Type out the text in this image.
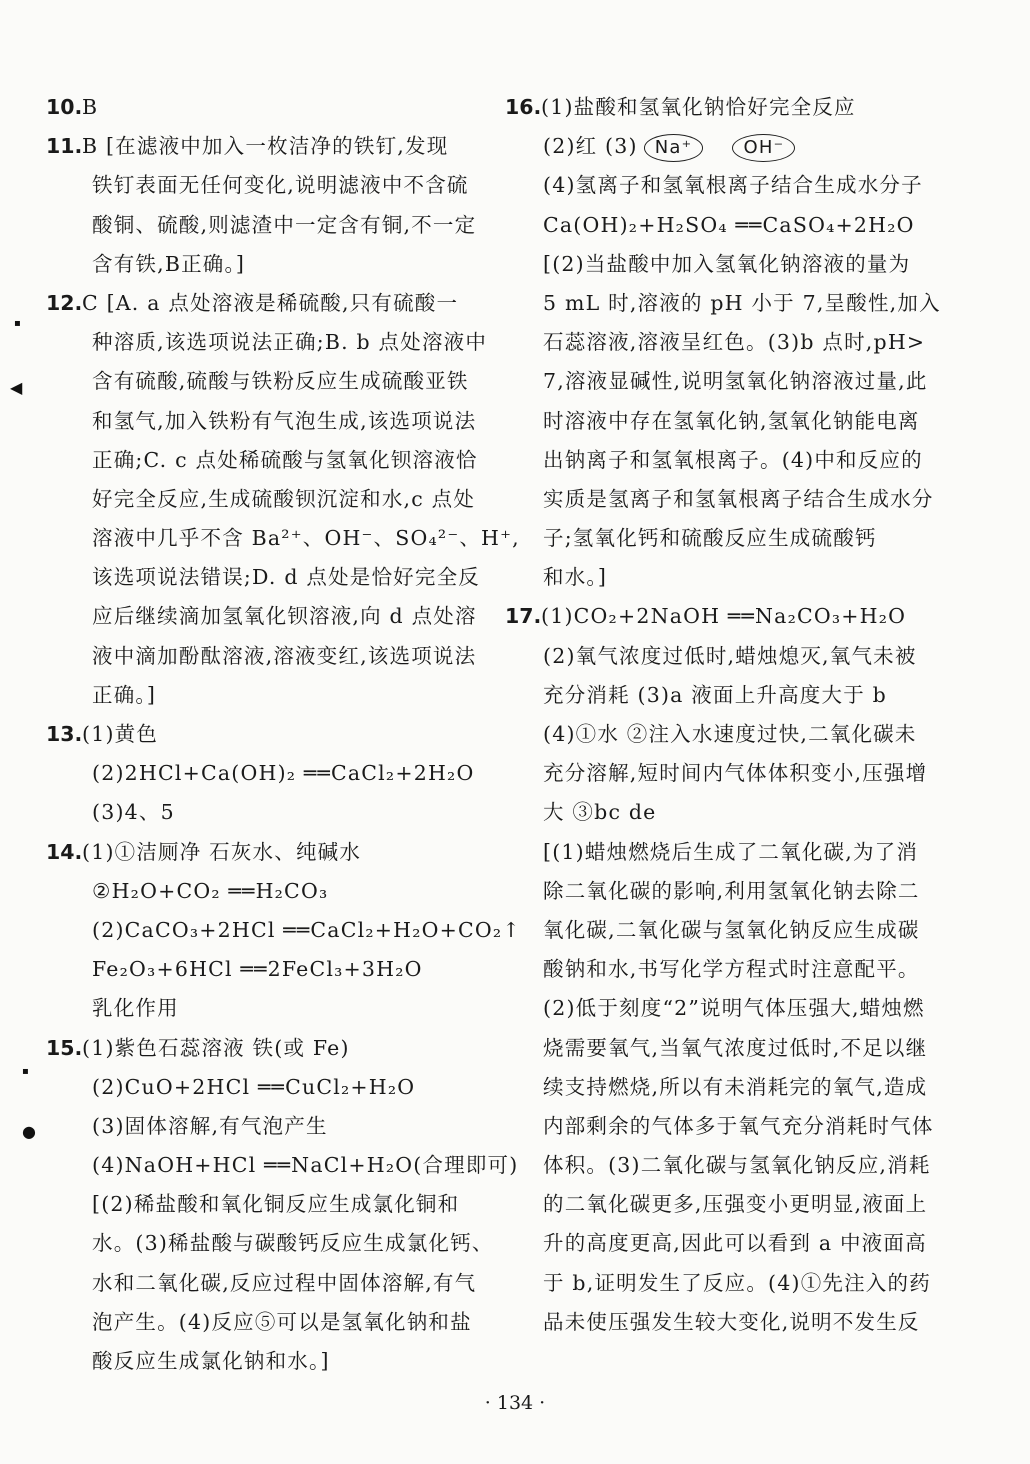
10.B
11.B [在滤液中加入一枚洁净的铁钉,发现
铁钉表面无任何变化,说明滤液中不含硫
酸铜、硫酸,则滤渣中一定含有铜,不一定
含有铁,B正确。]
12.C [A. a 点处溶液是稀硫酸,只有硫酸一
种溶质,该选项说法正确;B. b 点处溶液中
含有硫酸,硫酸与铁粉反应生成硫酸亚铁
和氢气,加入铁粉有气泡生成,该选项说法
正确;C. c 点处稀硫酸与氢氧化钡溶液恰
好完全反应,生成硫酸钡沉淀和水,c 点处
溶液中几乎不含 Ba²⁺、OH⁻、SO₄²⁻、H⁺,
该选项说法错误;D. d 点处是恰好完全反
应后继续滴加氢氧化钡溶液,向 d 点处溶
液中滴加酚酞溶液,溶液变红,该选项说法
正确。]
13.(1)黄色
(2)2HCl+Ca(OH)₂ ══CaCl₂+2H₂O
(3)4、5
14.(1)①洁厕净 石灰水、纯碱水
②H₂O+CO₂ ══H₂CO₃
(2)CaCO₃+2HCl ══CaCl₂+H₂O+CO₂↑
Fe₂O₃+6HCl ══2FeCl₃+3H₂O
乳化作用
15.(1)紫色石蕊溶液 铁(或 Fe)
(2)CuO+2HCl ══CuCl₂+H₂O
(3)固体溶解,有气泡产生
(4)NaOH+HCl ══NaCl+H₂O(合理即可)
[(2)稀盐酸和氧化铜反应生成氯化铜和
水。(3)稀盐酸与碳酸钙反应生成氯化钙、
水和二氧化碳,反应过程中固体溶解,有气
泡产生。(4)反应⑤可以是氢氧化钠和盐
酸反应生成氯化钠和水。]
16.(1)盐酸和氢氧化钠恰好完全反应
(2)红 (3) Na⁺	OH⁻
(4)氢离子和氢氧根离子结合生成水分子
Ca(OH)₂+H₂SO₄ ══CaSO₄+2H₂O
[(2)当盐酸中加入氢氧化钠溶液的量为
5 mL 时,溶液的 pH 小于 7,呈酸性,加入
石蕊溶液,溶液呈红色。(3)b 点时,pH>
7,溶液显碱性,说明氢氧化钠溶液过量,此
时溶液中存在氢氧化钠,氢氧化钠能电离
出钠离子和氢氧根离子。(4)中和反应的
实质是氢离子和氢氧根离子结合生成水分
子;氢氧化钙和硫酸反应生成硫酸钙
和水。]
17.(1)CO₂+2NaOH ══Na₂CO₃+H₂O
(2)氧气浓度过低时,蜡烛熄灭,氧气未被
充分消耗 (3)a 液面上升高度大于 b
(4)①水 ②注入水速度过快,二氧化碳未
充分溶解,短时间内气体体积变小,压强增
大 ③bc de
[(1)蜡烛燃烧后生成了二氧化碳,为了消
除二氧化碳的影响,利用氢氧化钠去除二
氧化碳,二氧化碳与氢氧化钠反应生成碳
酸钠和水,书写化学方程式时注意配平。
(2)低于刻度“2”说明气体压强大,蜡烛燃
烧需要氧气,当氧气浓度过低时,不足以继
续支持燃烧,所以有未消耗完的氧气,造成
内部剩余的气体多于氧气充分消耗时气体
体积。(3)二氧化碳与氢氧化钠反应,消耗
的二氧化碳更多,压强变小更明显,液面上
升的高度更高,因此可以看到 a 中液面高
于 b,证明发生了反应。(4)①先注入的药
品未使压强发生较大变化,说明不发生反
· 134 ·
▪
◀
▪
●
